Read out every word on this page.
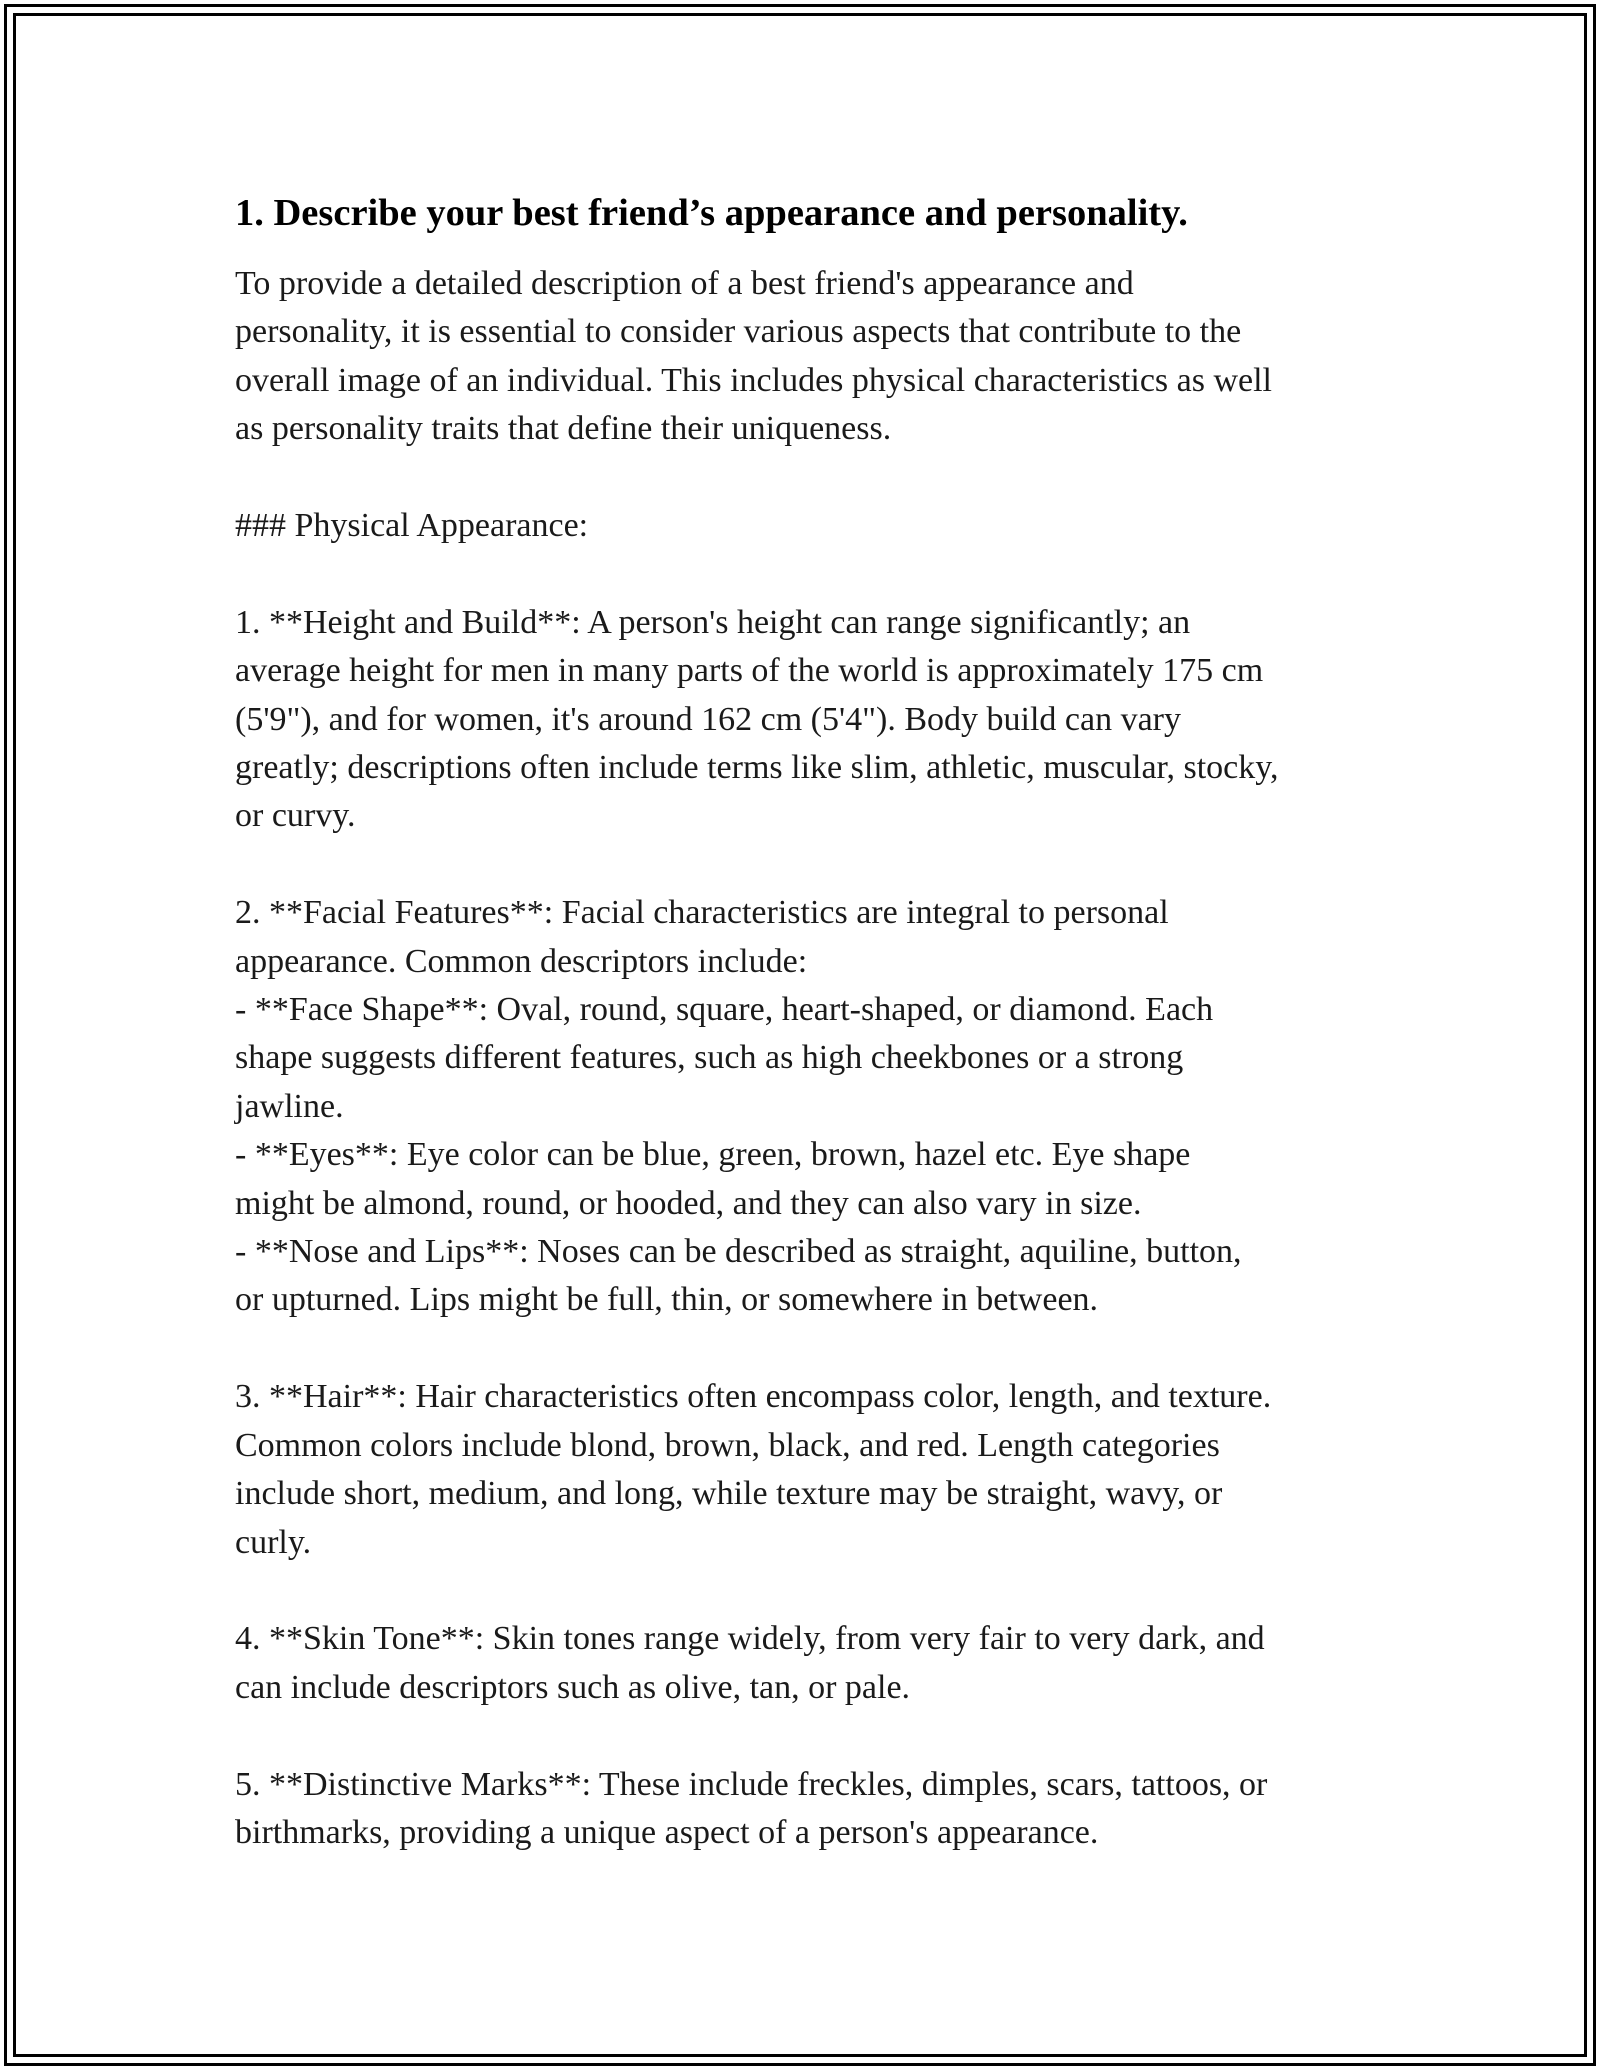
1. Describe your best friend’s appearance and personality.

To provide a detailed description of a best friend's appearance and
personality, it is essential to consider various aspects that contribute to the
overall image of an individual. This includes physical characteristics as well
as personality traits that define their uniqueness.

### Physical Appearance:

1. **Height and Build**: A person's height can range significantly; an
average height for men in many parts of the world is approximately 175 cm
(5'9"), and for women, it's around 162 cm (5'4"). Body build can vary
greatly; descriptions often include terms like slim, athletic, muscular, stocky,
or curvy.

2. **Facial Features**: Facial characteristics are integral to personal
appearance. Common descriptors include:
- **Face Shape**: Oval, round, square, heart-shaped, or diamond. Each
shape suggests different features, such as high cheekbones or a strong
jawline.
- **Eyes**: Eye color can be blue, green, brown, hazel etc. Eye shape
might be almond, round, or hooded, and they can also vary in size.
- **Nose and Lips**: Noses can be described as straight, aquiline, button,
or upturned. Lips might be full, thin, or somewhere in between.

3. **Hair**: Hair characteristics often encompass color, length, and texture.
Common colors include blond, brown, black, and red. Length categories
include short, medium, and long, while texture may be straight, wavy, or
curly.

4. **Skin Tone**: Skin tones range widely, from very fair to very dark, and
can include descriptors such as olive, tan, or pale.

5. **Distinctive Marks**: These include freckles, dimples, scars, tattoos, or
birthmarks, providing a unique aspect of a person's appearance.
